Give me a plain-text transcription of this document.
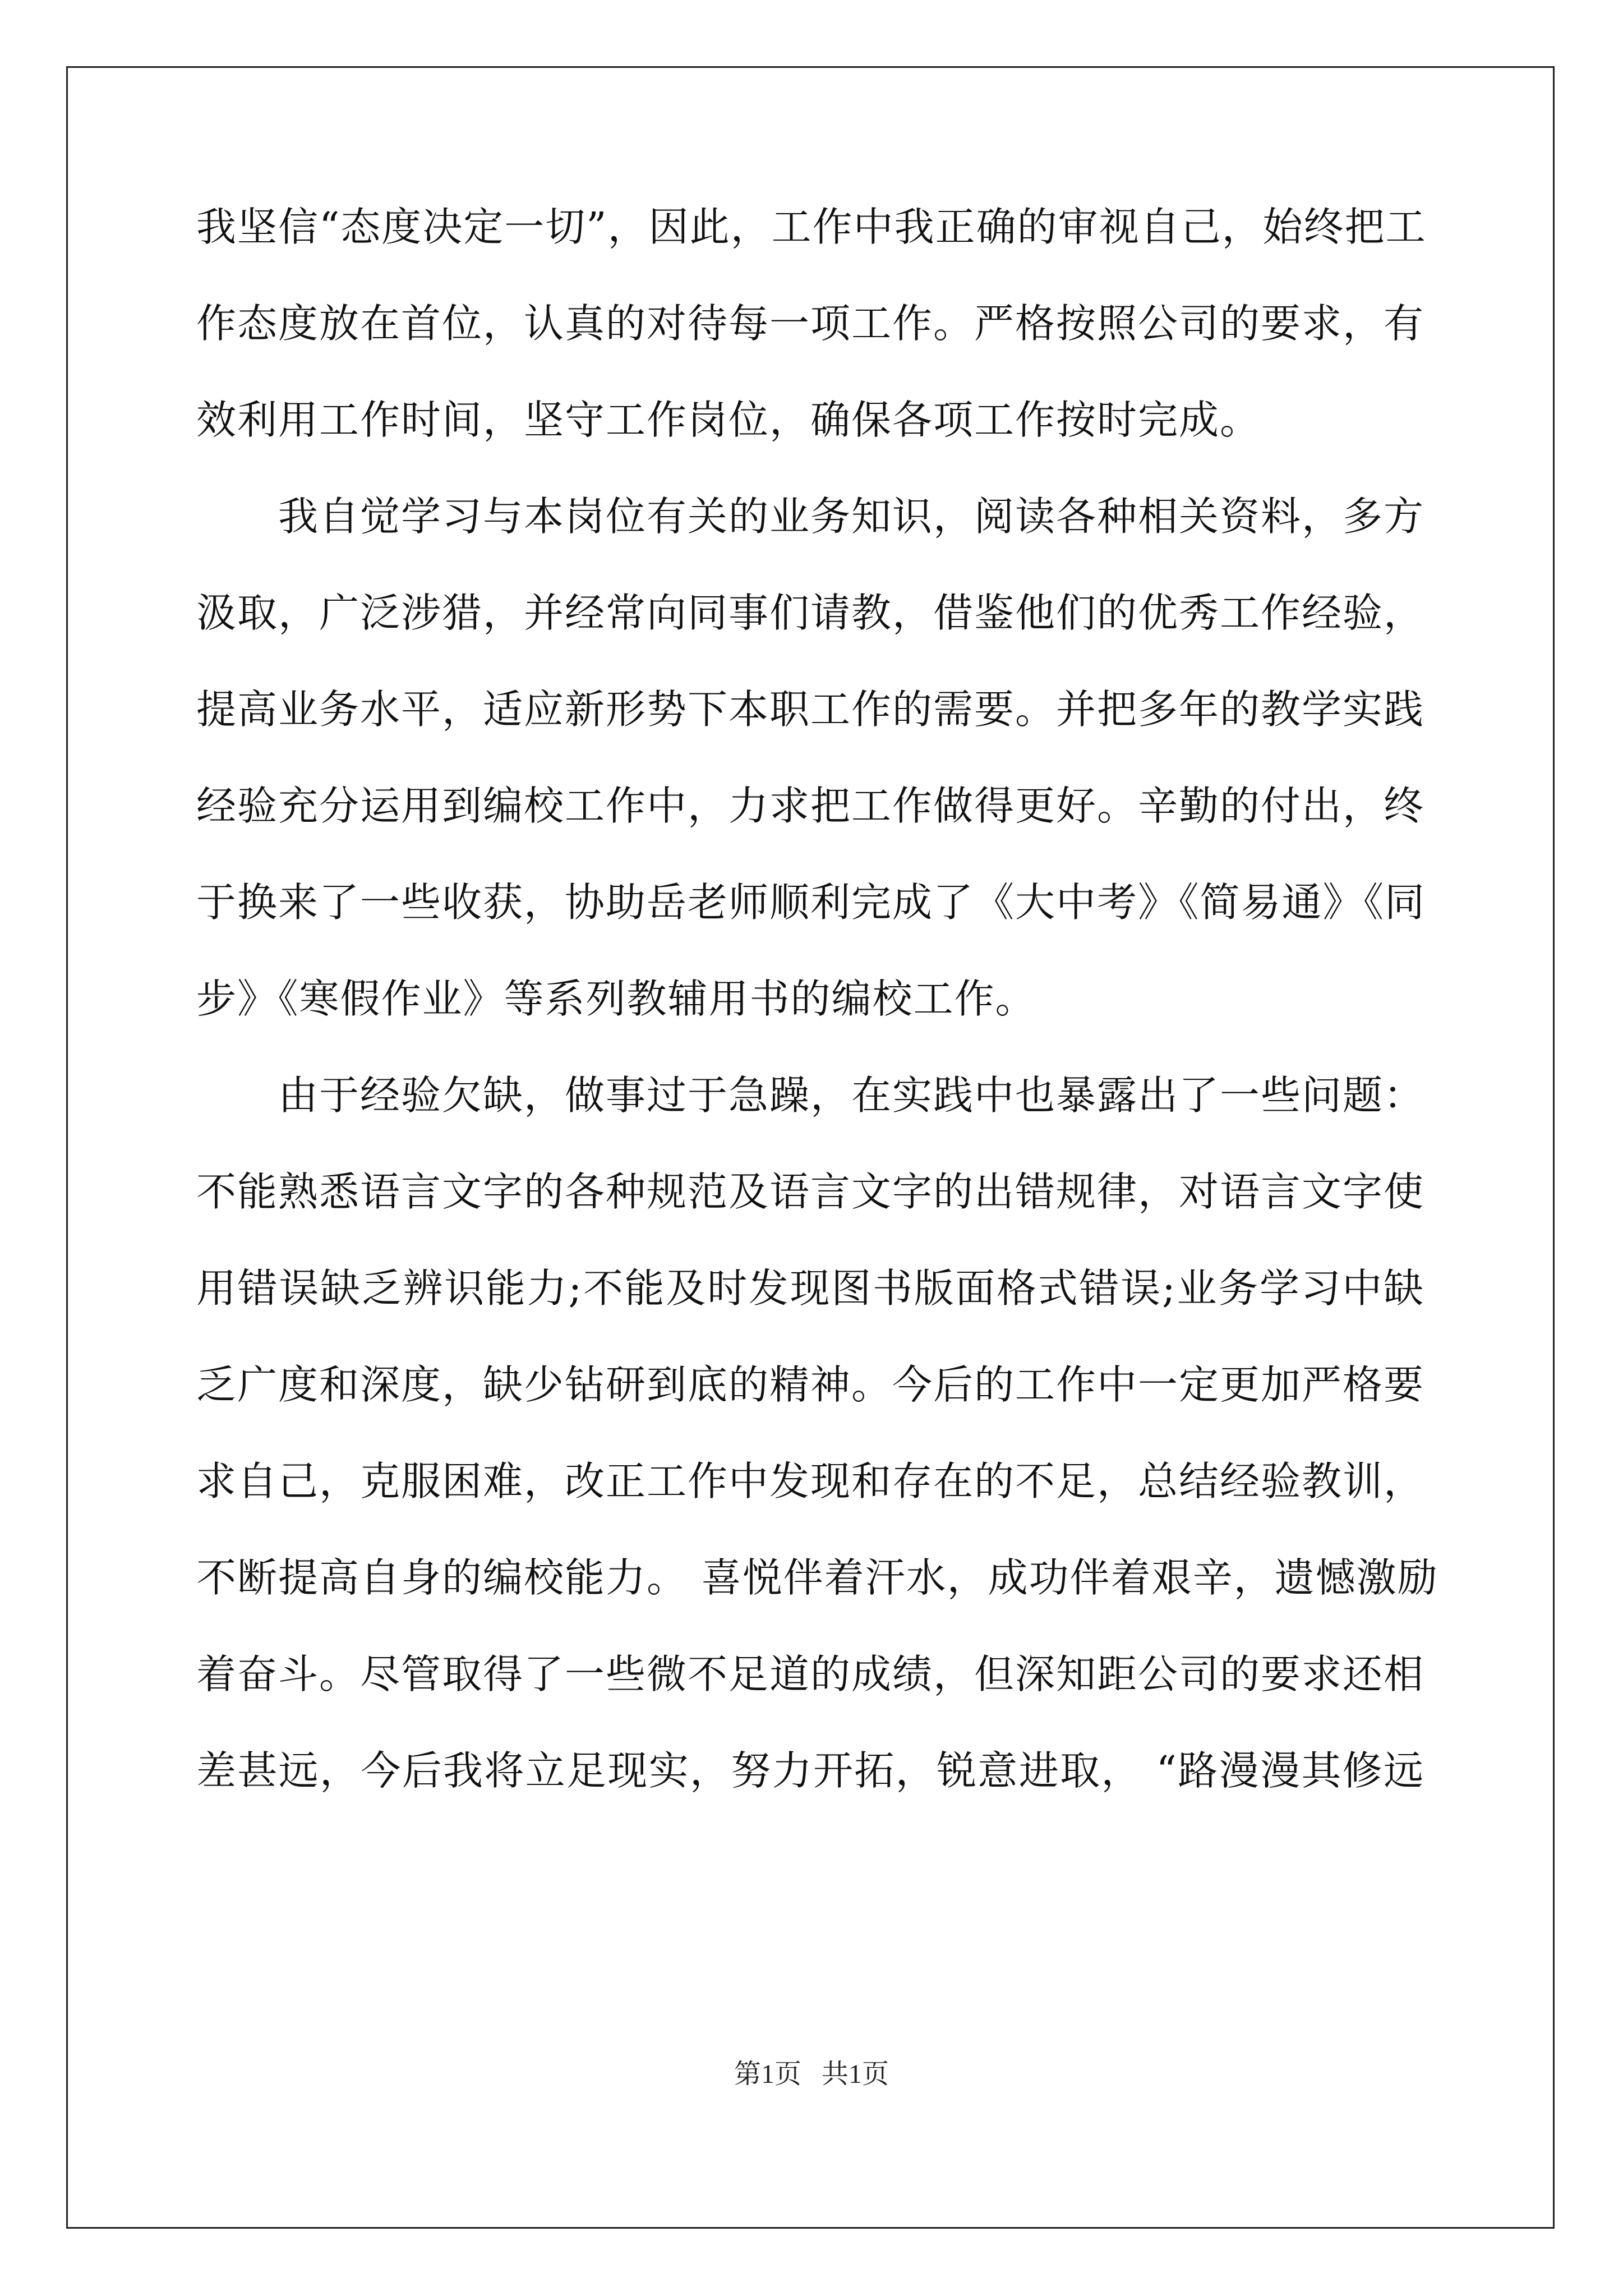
我坚信“态度决定一切”，因此，工作中我正确的审视自己，始终把工
作态度放在首位，认真的对待每一项工作。严格按照公司的要求，有
效利用工作时间，坚守工作岗位，确保各项工作按时完成。
我自觉学习与本岗位有关的业务知识，阅读各种相关资料，多方
汲取，广泛涉猎，并经常向同事们请教，借鉴他们的优秀工作经验，
提高业务水平，适应新形势下本职工作的需要。并把多年的教学实践
经验充分运用到编校工作中，力求把工作做得更好。辛勤的付出，终
于换来了一些收获，协助岳老师顺利完成了《大中考》《简易通》《同
步》《寒假作业》等系列教辅用书的编校工作。
由于经验欠缺，做事过于急躁，在实践中也暴露出了一些问题：
不能熟悉语言文字的各种规范及语言文字的出错规律，对语言文字使
用错误缺乏辨识能力;不能及时发现图书版面格式错误;业务学习中缺
乏广度和深度，缺少钻研到底的精神。今后的工作中一定更加严格要
求自己，克服困难，改正工作中发现和存在的不足，总结经验教训，
不断提高自身的编校能力。 喜悦伴着汗水，成功伴着艰辛，遗憾激励
着奋斗。尽管取得了一些微不足道的成绩，但深知距公司的要求还相
差甚远，今后我将立足现实，努力开拓，锐意进取， “路漫漫其修远
第1页   共1页
